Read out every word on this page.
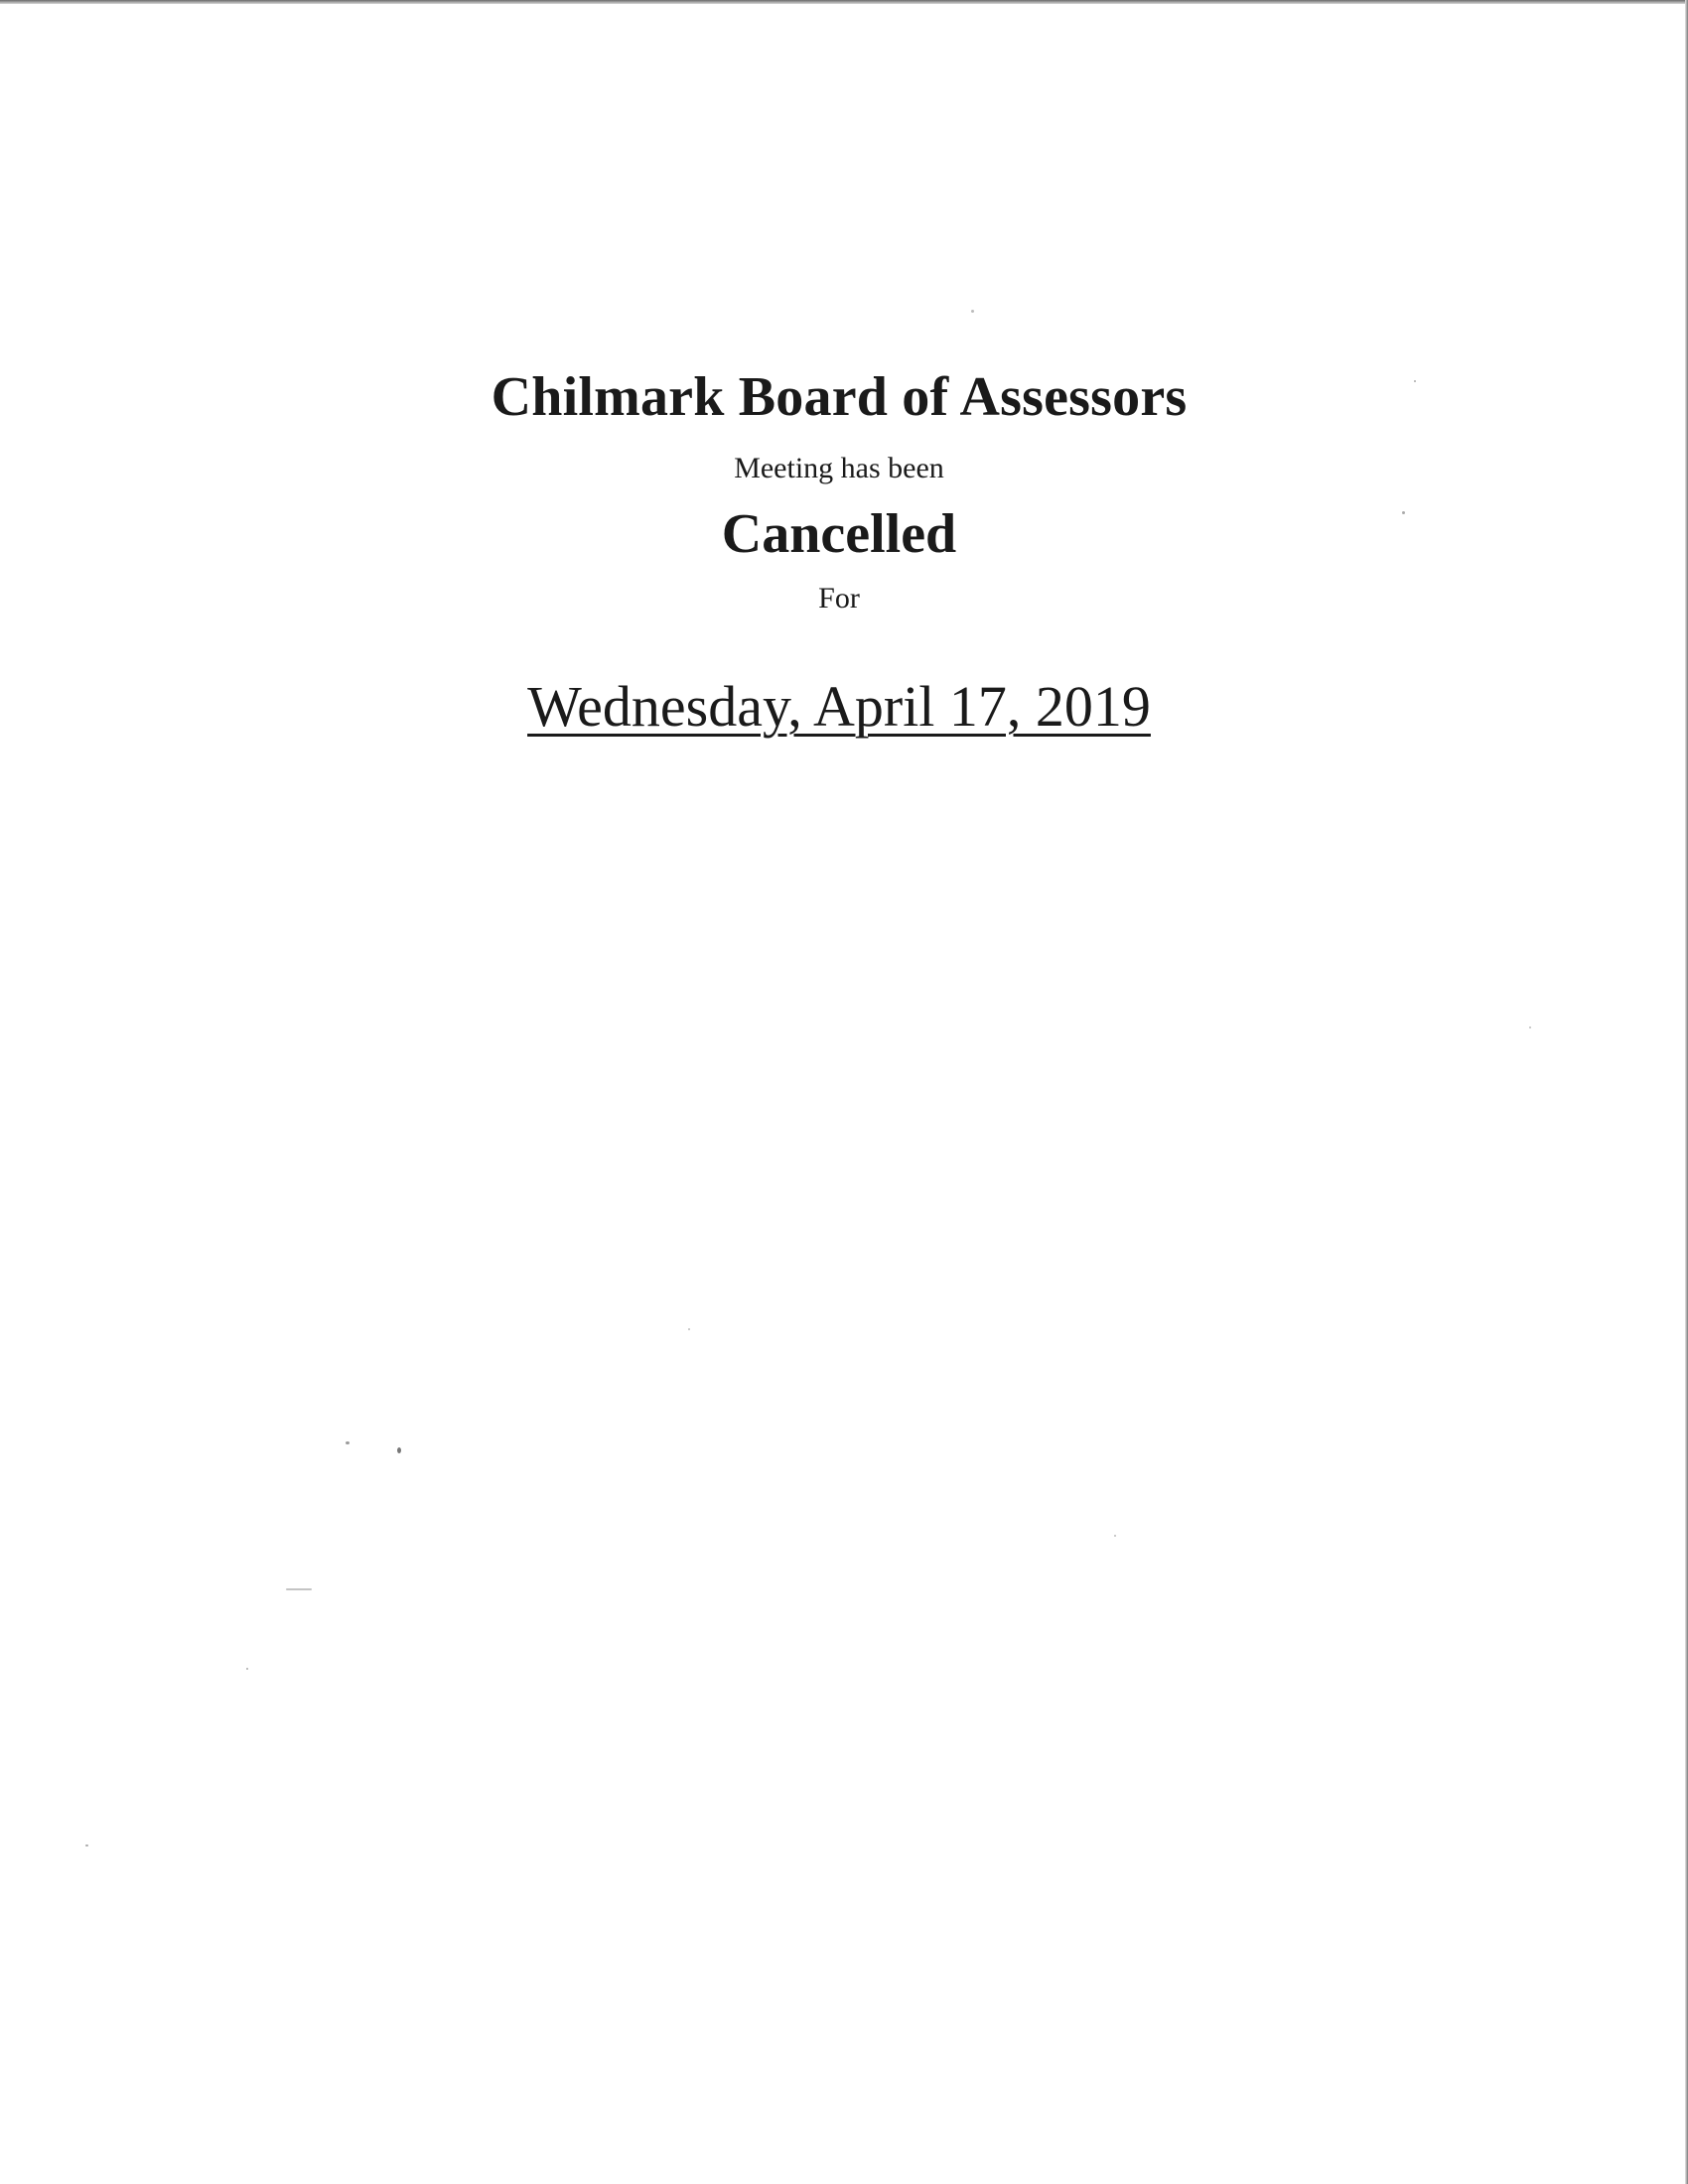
Chilmark Board of Assessors
Meeting has been
Cancelled
For
Wednesday, April 17, 2019
